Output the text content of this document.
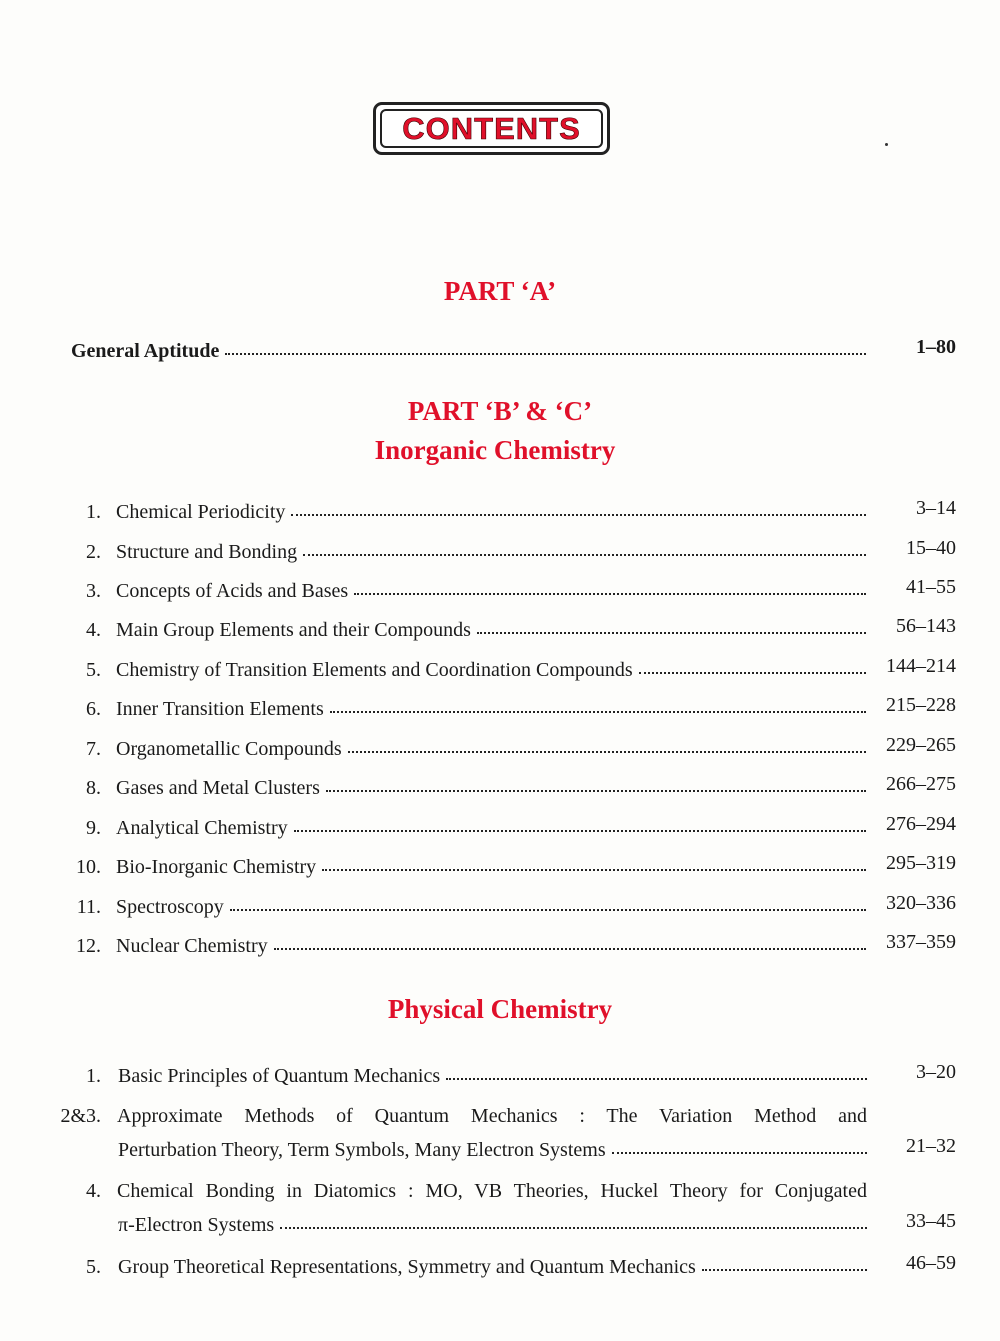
CONTENTS
PART ‘A’
General Aptitude	1–80
PART ‘B’ & ‘C’
Inorganic Chemistry
1. Chemical Periodicity	3–14
2. Structure and Bonding	15–40
3. Concepts of Acids and Bases	41–55
4. Main Group Elements and their Compounds	56–143
5. Chemistry of Transition Elements and Coordination Compounds	144–214
6. Inner Transition Elements	215–228
7. Organometallic Compounds	229–265
8. Gases and Metal Clusters	266–275
9. Analytical Chemistry	276–294
10. Bio-Inorganic Chemistry	295–319
11. Spectroscopy	320–336
12. Nuclear Chemistry	337–359
Physical Chemistry
1. Basic Principles of Quantum Mechanics	3–20
2&3. Approximate Methods of Quantum Mechanics : The Variation Method and
Perturbation Theory, Term Symbols, Many Electron Systems	21–32
4. Chemical Bonding in Diatomics : MO, VB Theories, Huckel Theory for Conjugated
π-Electron Systems	33–45
5. Group Theoretical Representations, Symmetry and Quantum Mechanics	46–59
